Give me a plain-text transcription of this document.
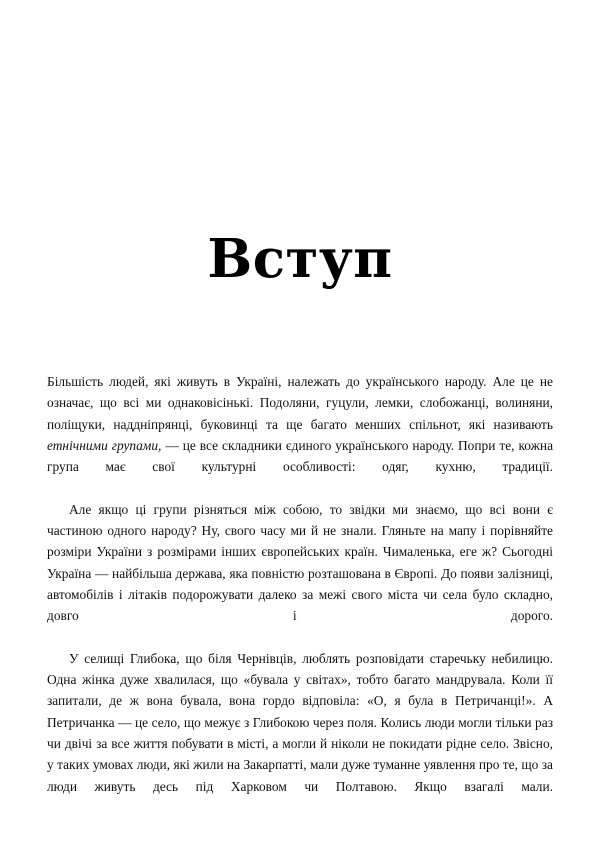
Вступ

Більшість людей, які живуть в Україні, належать до українського народу. Але це не означає, що всі ми однаковісінькі. Подоляни, гуцули, лемки, слобожанці, волиняни, поліщуки, наддніпрянці, буковинці та ще багато менших спільнот, які називають етнічними групами, — це все складники єдиного українського народу. Попри те, кожна група має свої культурні особливості: одяг, кухню, традиції.

Але якщо ці групи різняться між собою, то звідки ми знаємо, що всі вони є частиною одного народу? Ну, свого часу ми й не знали. Гляньте на мапу і порівняйте розміри України з розмірами інших європейських країн. Чималенька, еге ж? Сьогодні Україна — найбільша держава, яка повністю розташована в Європі. До появи залізниці, автомобілів і літаків подорожувати далеко за межі свого міста чи села було складно, довго і дорого.

У селищі Глибока, що біля Чернівців, люблять розповідати старечьку небилицю. Одна жінка дуже хвалилася, що «бувала у світах», тобто багато мандрувала. Коли її запитали, де ж вона бувала, вона гордо відповіла: «О, я була в Петричанці!». А Петричанка — це село, що межує з Глибокою через поля. Колись люди могли тільки раз чи двічі за все життя побувати в місті, а могли й ніколи не покидати рідне село. Звісно, у таких умовах люди, які жили на Закарпатті, мали дуже туманне уявлення про те, що за люди живуть десь під Харковом чи Полтавою. Якщо взагалі мали.
